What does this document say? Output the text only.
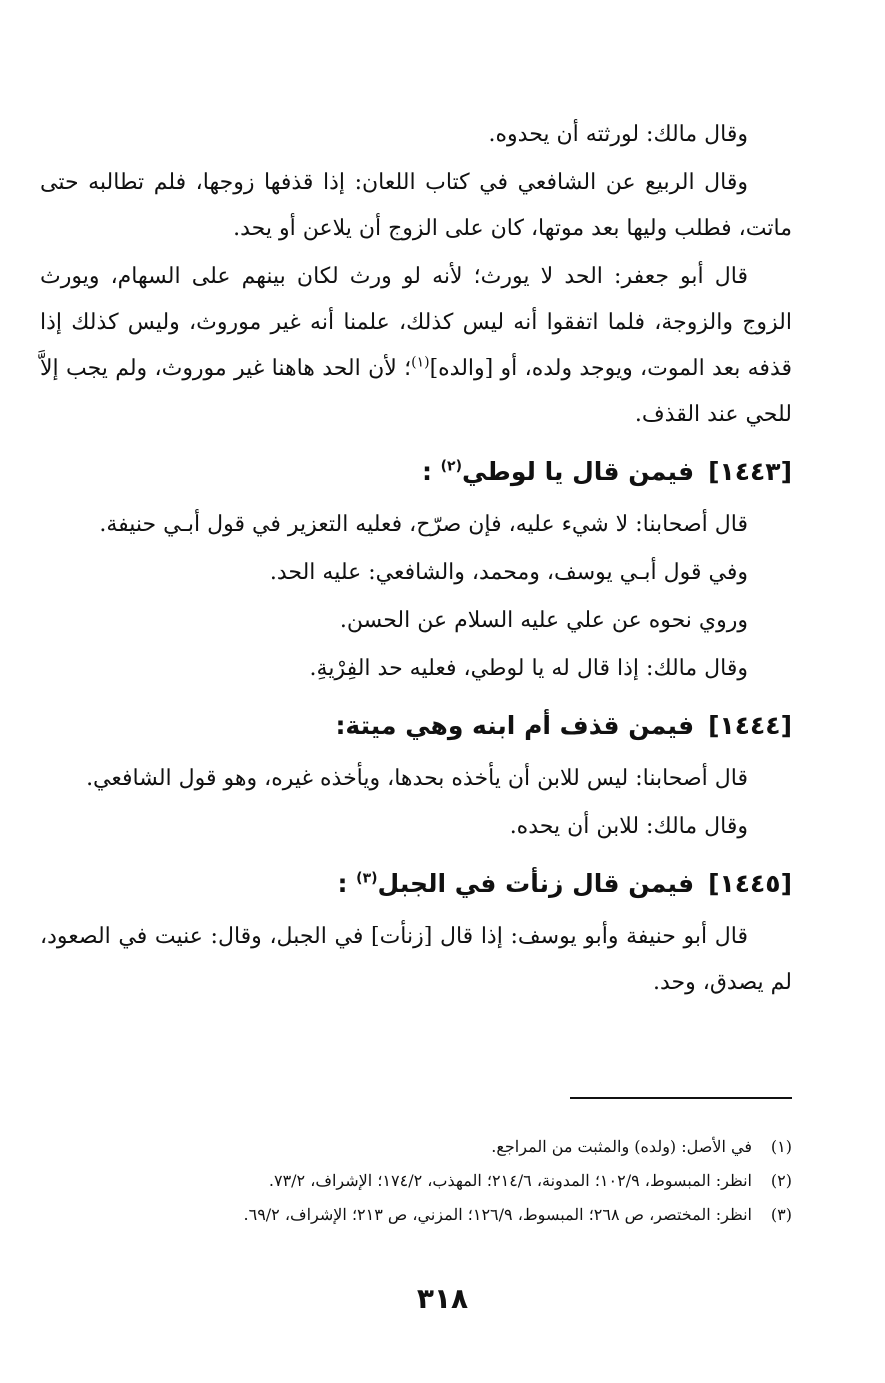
وقال مالك: لورثته أن يحدوه.

وقال الربيع عن الشافعي في كتاب اللعان: إذا قذفها زوجها، فلم تطالبه حتى ماتت، فطلب وليها بعد موتها، كان على الزوج أن يلاعن أو يحد.

قال أبو جعفر: الحد لا يورث؛ لأنه لو ورث لكان بينهم على السهام، ويورث الزوج والزوجة، فلما اتفقوا أنه ليس كذلك، علمنا أنه غير موروث، وليس كذلك إذا قذفه بعد الموت، ويوجد ولده، أو [والده]$^{(١)}$؛ لأن الحد هاهنا غير موروث، ولم يجب إلاَّ للحي عند القذف.

[١٤٤٣]فيمن قال يا لوطي$^{(٢)}$ :

قال أصحابنا: لا شيء عليه، فإن صرّح، فعليه التعزير في قول أبـي حنيفة.

وفي قول أبـي يوسف، ومحمد، والشافعي: عليه الحد.

وروي نحوه عن علي عليه السلام عن الحسن.

وقال مالك: إذا قال له يا لوطي، فعليه حد الفِرْيةِ.

[١٤٤٤]فيمن قذف أم ابنه وهي ميتة:

قال أصحابنا: ليس للابن أن يأخذه بحدها، ويأخذه غيره، وهو قول الشافعي.

وقال مالك: للابن أن يحده.

[١٤٤٥]فيمن قال زنأت في الجبل$^{(٣)}$ :

قال أبو حنيفة وأبو يوسف: إذا قال [زنأت] في الجبل، وقال: عنيت في الصعود، لم يصدق، وحد.

(١)في الأصل: (ولده) والمثبت من المراجع.
(٢)انظر: المبسوط، ١٠٢/٩؛ المدونة، ٢١٤/٦؛ المهذب، ١٧٤/٢؛ الإشراف، ٧٣/٢.
(٣)انظر: المختصر، ص ٢٦٨؛ المبسوط، ١٢٦/٩؛ المزني، ص ٢١٣؛ الإشراف، ٦٩/٢.
٣١٨
